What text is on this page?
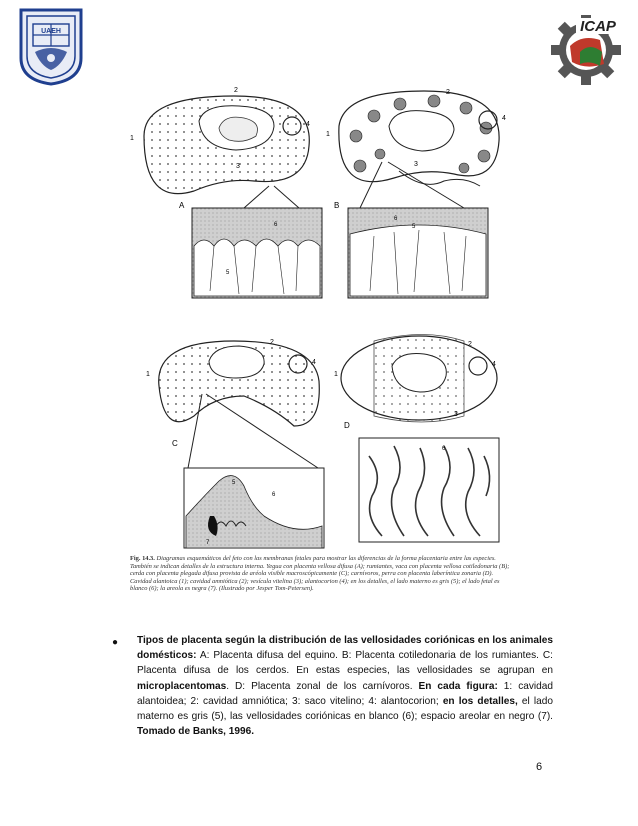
UAEH	ICAP
1
2
3
4
A
5
6
1
2
3
4
B
5
6
1
2
4
C
5
6
7
1
2
3
4
D
6
Fig. 14.3. Diagramas esquemáticos del feto con las membranas fetales para mostrar las diferencias de la forma placentaria entre las especies. También se indican detalles de la estructura interna. Yegua con placenta vellosa difusa (A); rumiantes, vaca con placenta vellosa cotiledonaria (B); cerda con placenta plegada difusa provista de aréola visible macroscópicamente (C); carnívoros, perra con placenta laberíntica zonaria (D). Cavidad alantoica (1); cavidad amniótica (2); vesícula vitelina (3); alantocorion (4); en los detalles, el lado materno es gris (5); el lado fetal es blanco (6); la areola es negra (7). (Ilustrado por Jesper Tom-Petersen).
● Tipos de placenta según la distribución de las vellosidades coriónicas en los animales domésticos: A: Placenta difusa del equino. B: Placenta cotiledonaria de los rumiantes. C: Placenta difusa de los cerdos. En estas especies, las vellosidades se agrupan en microplacentomas. D: Placenta zonal de los carnívoros. En cada figura: 1: cavidad alantoidea; 2: cavidad amniótica; 3: saco vitelino; 4: alantocorion; en los detalles, el lado materno es gris (5), las vellosidades coriónicas en blanco (6); espacio areolar en negro (7). Tomado de Banks, 1996.
6
